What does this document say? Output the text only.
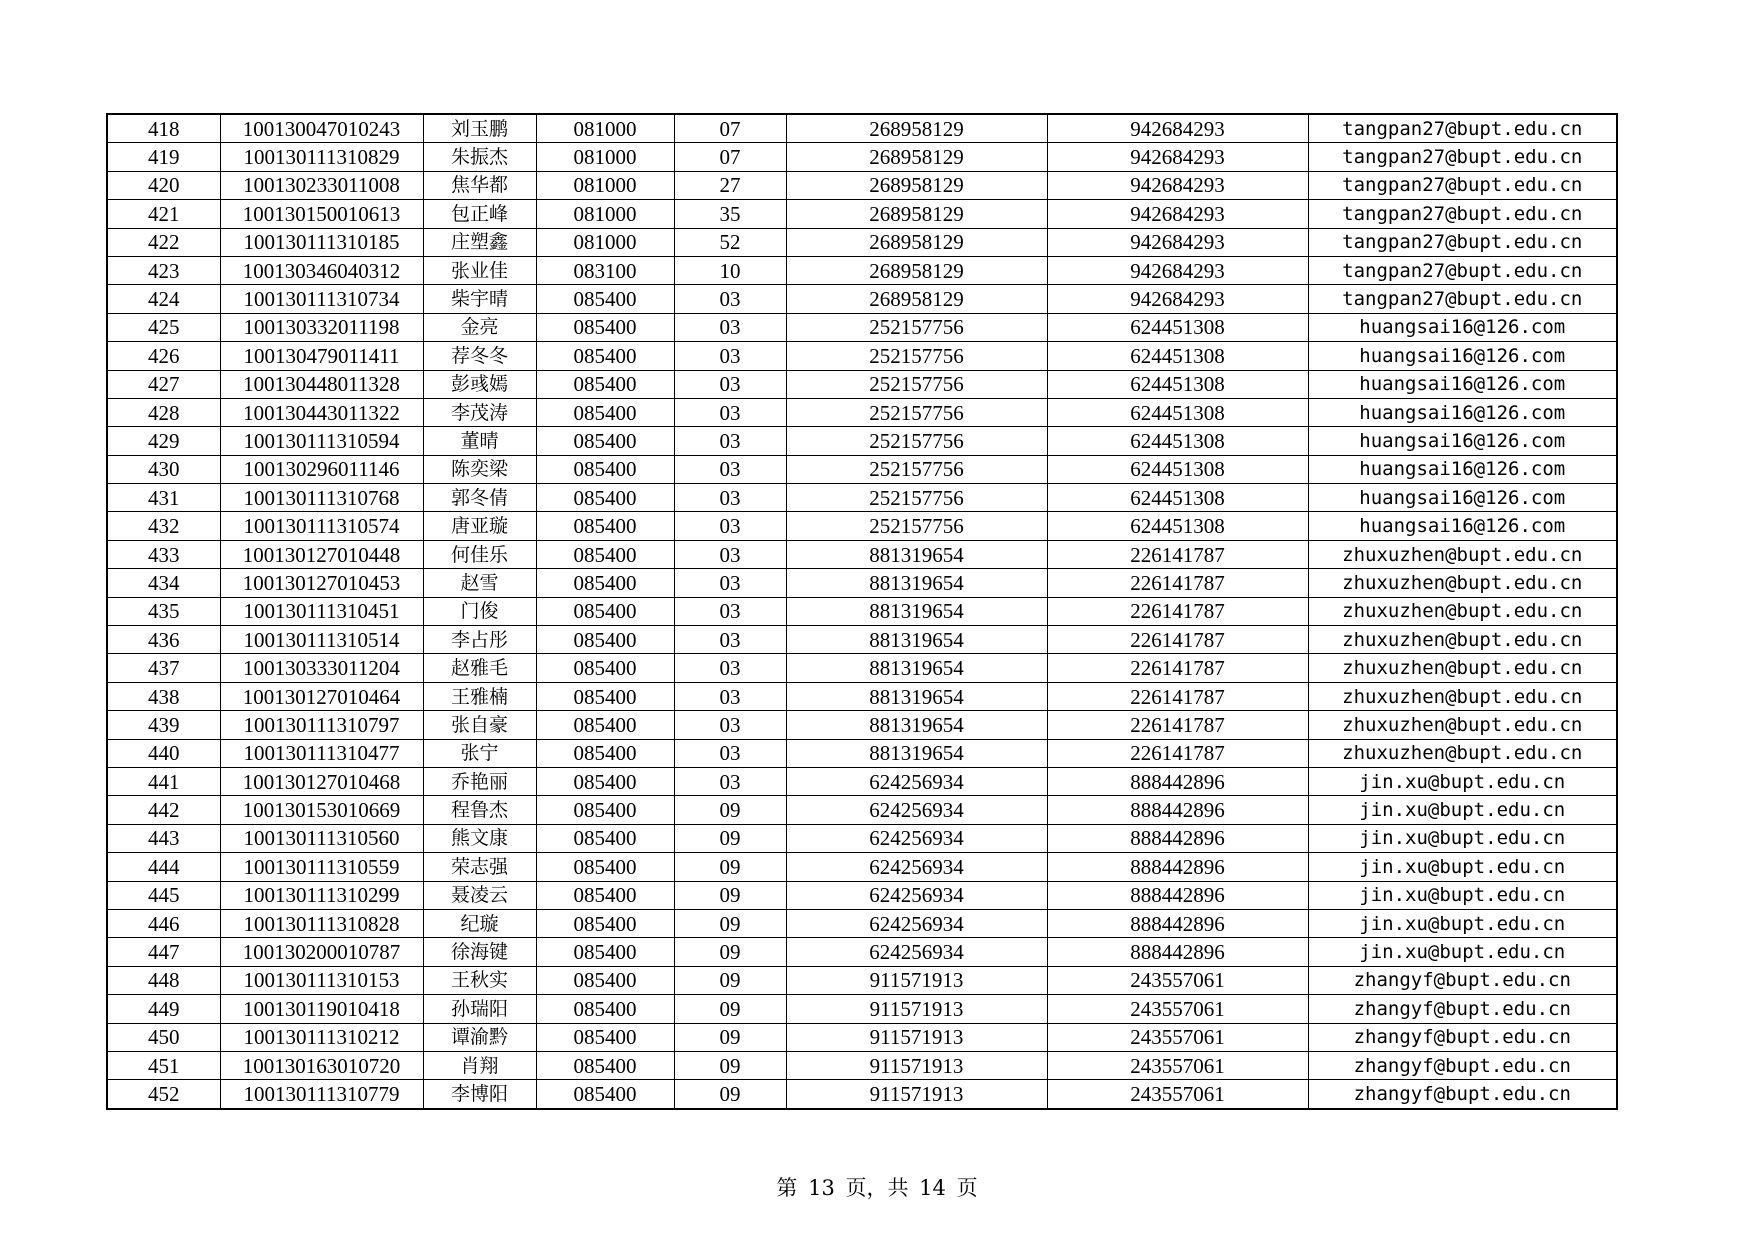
418	100130047010243	刘玉鹏	081000	07	268958129	942684293	tangpan27@bupt.edu.cn
419	100130111310829	朱振杰	081000	07	268958129	942684293	tangpan27@bupt.edu.cn
420	100130233011008	焦华都	081000	27	268958129	942684293	tangpan27@bupt.edu.cn
421	100130150010613	包正峰	081000	35	268958129	942684293	tangpan27@bupt.edu.cn
422	100130111310185	庄塑鑫	081000	52	268958129	942684293	tangpan27@bupt.edu.cn
423	100130346040312	张业佳	083100	10	268958129	942684293	tangpan27@bupt.edu.cn
424	100130111310734	柴宇晴	085400	03	268958129	942684293	tangpan27@bupt.edu.cn
425	100130332011198	金亮	085400	03	252157756	624451308	huangsai16@126.com
426	100130479011411	荐冬冬	085400	03	252157756	624451308	huangsai16@126.com
427	100130448011328	彭彧嫣	085400	03	252157756	624451308	huangsai16@126.com
428	100130443011322	李茂涛	085400	03	252157756	624451308	huangsai16@126.com
429	100130111310594	董晴	085400	03	252157756	624451308	huangsai16@126.com
430	100130296011146	陈奕梁	085400	03	252157756	624451308	huangsai16@126.com
431	100130111310768	郭冬倩	085400	03	252157756	624451308	huangsai16@126.com
432	100130111310574	唐亚璇	085400	03	252157756	624451308	huangsai16@126.com
433	100130127010448	何佳乐	085400	03	881319654	226141787	zhuxuzhen@bupt.edu.cn
434	100130127010453	赵雪	085400	03	881319654	226141787	zhuxuzhen@bupt.edu.cn
435	100130111310451	门俊	085400	03	881319654	226141787	zhuxuzhen@bupt.edu.cn
436	100130111310514	李占彤	085400	03	881319654	226141787	zhuxuzhen@bupt.edu.cn
437	100130333011204	赵雅毛	085400	03	881319654	226141787	zhuxuzhen@bupt.edu.cn
438	100130127010464	王雅楠	085400	03	881319654	226141787	zhuxuzhen@bupt.edu.cn
439	100130111310797	张自豪	085400	03	881319654	226141787	zhuxuzhen@bupt.edu.cn
440	100130111310477	张宁	085400	03	881319654	226141787	zhuxuzhen@bupt.edu.cn
441	100130127010468	乔艳丽	085400	03	624256934	888442896	jin.xu@bupt.edu.cn
442	100130153010669	程鲁杰	085400	09	624256934	888442896	jin.xu@bupt.edu.cn
443	100130111310560	熊文康	085400	09	624256934	888442896	jin.xu@bupt.edu.cn
444	100130111310559	荣志强	085400	09	624256934	888442896	jin.xu@bupt.edu.cn
445	100130111310299	聂凌云	085400	09	624256934	888442896	jin.xu@bupt.edu.cn
446	100130111310828	纪璇	085400	09	624256934	888442896	jin.xu@bupt.edu.cn
447	100130200010787	徐海键	085400	09	624256934	888442896	jin.xu@bupt.edu.cn
448	100130111310153	王秋实	085400	09	911571913	243557061	zhangyf@bupt.edu.cn
449	100130119010418	孙瑞阳	085400	09	911571913	243557061	zhangyf@bupt.edu.cn
450	100130111310212	谭渝黔	085400	09	911571913	243557061	zhangyf@bupt.edu.cn
451	100130163010720	肖翔	085400	09	911571913	243557061	zhangyf@bupt.edu.cn
452	100130111310779	李博阳	085400	09	911571913	243557061	zhangyf@bupt.edu.cn
第 13 页，共 14 页
